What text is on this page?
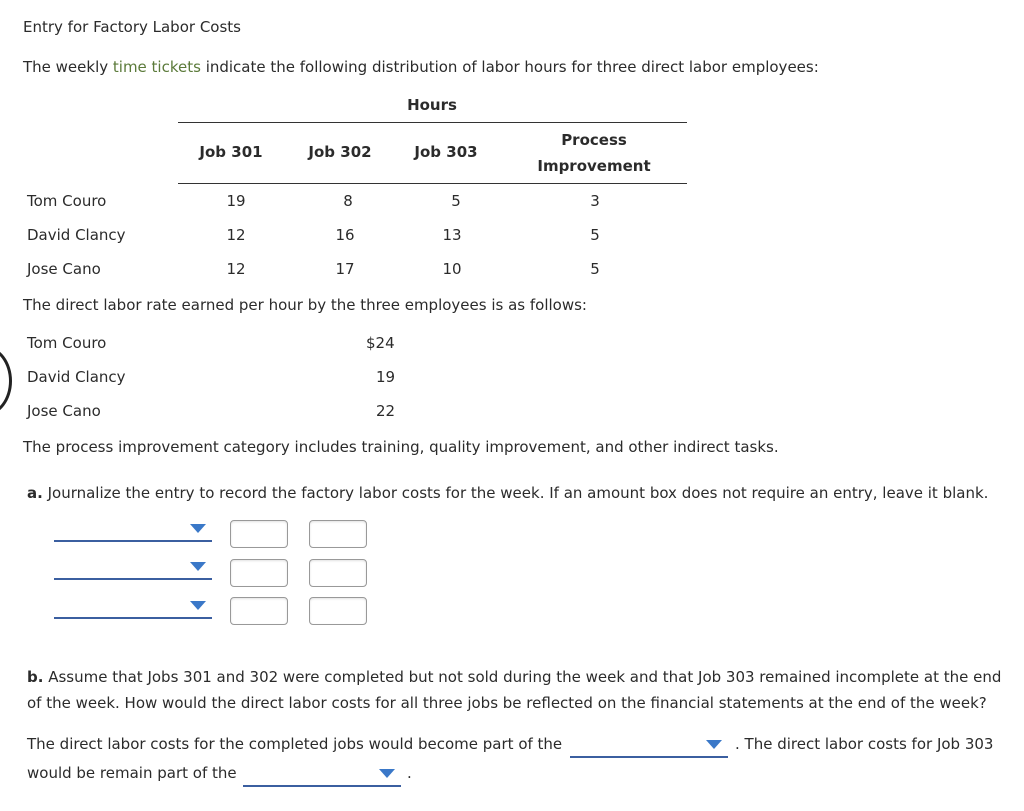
Entry for Factory Labor Costs
The weekly time tickets indicate the following distribution of labor hours for three direct labor employees:
Hours
Job 301	Job 302	Job 303
Process
Improvement
Tom Couro	19	8	5	3
David Clancy	12	16	13	5
Jose Cano	12	17	10	5
The direct labor rate earned per hour by the three employees is as follows:
Tom Couro	$24
David Clancy	19
Jose Cano	22
The process improvement category includes training, quality improvement, and other indirect tasks.
a. Journalize the entry to record the factory labor costs for the week. If an amount box does not require an entry, leave it blank.
b. Assume that Jobs 301 and 302 were completed but not sold during the week and that Job 303 remained incomplete at the end
of the week. How would the direct labor costs for all three jobs be reflected on the financial statements at the end of the week?
The direct labor costs for the completed jobs would become part of the	. The direct labor costs for Job 303
would be remain part of the	.
